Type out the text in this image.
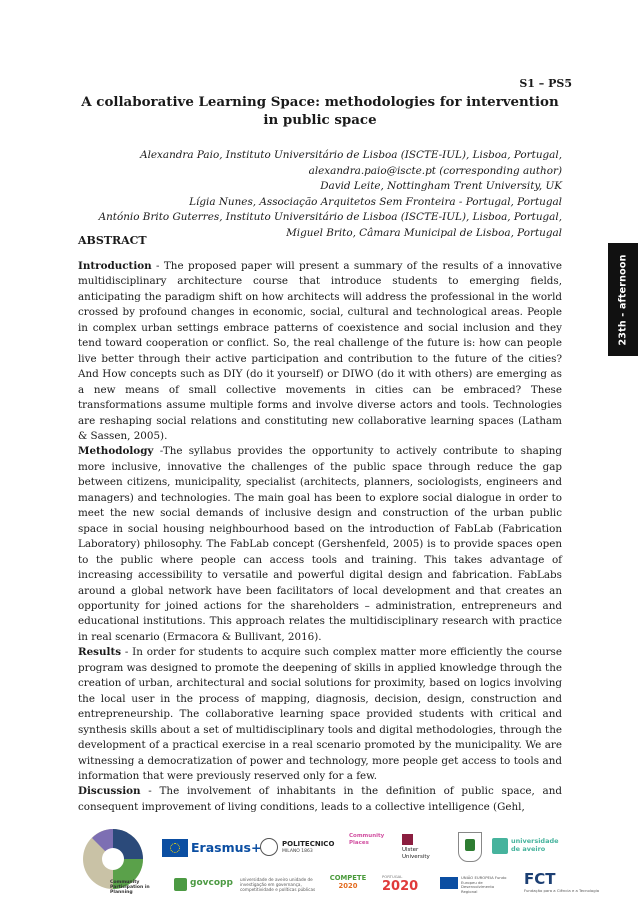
S1 – PS5
A collaborative Learning Space: methodologies for intervention in public space
Alexandra Paio, Instituto Universitário de Lisboa (ISCTE-IUL), Lisboa, Portugal,
alexandra.paio@iscte.pt (corresponding author)
David Leite, Nottingham Trent University, UK
Lígia Nunes, Associação Arquitetos Sem Fronteira - Portugal, Portugal
António Brito Guterres, Instituto Universitário de Lisboa (ISCTE-IUL), Lisboa, Portugal,
Miguel Brito, Câmara Municipal de Lisboa, Portugal
ABSTRACT

Introduction - The proposed paper will present a summary of the results of a innovative multidisciplinary architecture course that introduce students to emerging fields, anticipating the paradigm shift on how architects will address the professional in the world crossed by profound changes in economic, social, cultural and technological areas. People in complex urban settings embrace patterns of coexistence and social inclusion and they tend toward cooperation or conflict. So, the real challenge of the future is: how can people live better through their active participation and contribution to the future of the cities? And How concepts such as DIY (do it yourself) or DIWO (do it with others) are emerging as a new means of small collective movements in cities can be embraced? These transformations assume multiple forms and involve diverse actors and tools. Technologies are reshaping social relations and constituting new collaborative learning spaces (Latham & Sassen, 2005).

Methodology -The syllabus provides the opportunity to actively contribute to shaping more inclusive, innovative the challenges of the public space through reduce the gap between citizens, municipality, specialist (architects, planners, sociologists, engineers and managers) and technologies. The main goal has been to explore social dialogue in order to meet the new social demands of inclusive design and construction of the urban public space in social housing neighbourhood based on the introduction of FabLab (Fabrication Laboratory) philosophy. The FabLab concept (Gershenfeld, 2005) is to provide spaces open to the public where people can access tools and training. This takes advantage of increasing accessibility to versatile and powerful digital design and fabrication. FabLabs around a global network have been facilitators of local development and that creates an opportunity for joined actions for the shareholders – administration, entrepreneurs and educational institutions. This approach relates the multidisciplinary research with practice in real scenario (Ermacora & Bullivant, 2016).

Results - In order for students to acquire such complex matter more efficiently the course program was designed to promote the deepening of skills in applied knowledge through the creation of urban, architectural and social solutions for proximity, based on logics involving the local user in the process of mapping, diagnosis, decision, design, construction and entrepreneurship. The collaborative learning space provided students with critical and synthesis skills about a set of multidisciplinary tools and digital methodologies, through the development of a practical exercise in a real scenario promoted by the municipality. We are witnessing a democratization of power and technology, more people get access to tools and information that were previously reserved only for a few.

Discussion - The involvement of inhabitants in the definition of public space, and consequent improvement of living conditions, leads to a collective intelligence (Gehl,

23th - afternoon
Community Participation in Planning
Erasmus+	POLITECNICO
MILANO 1863
Community Places
Ulster University
universidade de aveiro
govcopp universidade de aveiro unidade de investigação em governança, competitividade e políticas públicas
COMPETE
2020
PORTUGAL
2020
UNIÃO EUROPEIA Fundo Europeu de Desenvolvimento Regional
FCT
Fundação para a Ciência e a Tecnologia
